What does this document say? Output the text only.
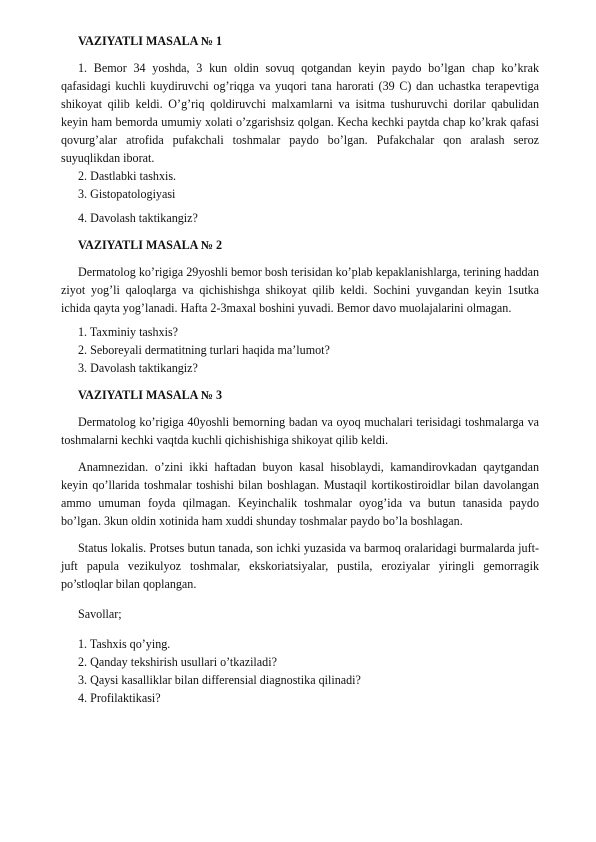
VAZIYATLI MASALA № 1

1. Bemor 34 yoshda, 3 kun oldin sovuq qotgandan keyin paydo bo’lgan chap ko’krak qafasidagi kuchli kuydiruvchi og’riqga va yuqori tana harorati (39 C) dan uchastka terapevtiga shikoyat qilib keldi. O’g’riq qoldiruvchi malxamlarni va isitma tushuruvchi dorilar qabulidan keyin ham bemorda umumiy xolati o’zgarishsiz qolgan. Kecha kechki paytda chap ko’krak qafasi qovurg’alar atrofida pufakchali toshmalar paydo bo’lgan. Pufakchalar qon aralash seroz suyuqlikdan iborat.

2. Dastlabki tashxis.
3. Gistopatologiyasi
4. Davolash taktikangiz?
VAZIYATLI MASALA № 2

Dermatolog ko’rigiga 29yoshli bemor bosh terisidan ko’plab kepaklanishlarga, terining haddan ziyot yog’li qaloqlarga va qichishishga shikoyat qilib keldi. Sochini yuvgandan keyin 1sutka ichida qayta yog’lanadi. Hafta 2-3maxal boshini yuvadi. Bemor davo muolajalarini olmagan.

1. Taxminiy tashxis?
2. Seboreyali dermatitning turlari haqida ma’lumot?
3. Davolash taktikangiz?
VAZIYATLI MASALA № 3

Dermatolog ko’rigiga 40yoshli bemorning badan va oyoq muchalari terisidagi toshmalarga va toshmalarni kechki vaqtda kuchli qichishishiga shikoyat qilib keldi.

Anamnezidan. o’zini ikki haftadan buyon kasal hisoblaydi, kamandirovkadan qaytgandan keyin qo’llarida toshmalar toshishi bilan boshlagan. Mustaqil kortikostiroidlar bilan davolangan ammo umuman foyda qilmagan. Keyinchalik toshmalar oyog’ida va butun tanasida paydo bo’lgan. 3kun oldin xotinida ham xuddi shunday toshmalar paydo bo’la boshlagan.

Status lokalis. Protses butun tanada, son ichki yuzasida va barmoq oralaridagi burmalarda juft-juft papula vezikulyoz toshmalar, ekskoriatsiyalar, pustila, eroziyalar yiringli gemorragik po’stloqlar bilan qoplangan.

Savollar;
1. Tashxis qo’ying.
2. Qanday tekshirish usullari o’tkaziladi?
3. Qaysi kasalliklar bilan differensial diagnostika qilinadi?
4. Profilaktikasi?
